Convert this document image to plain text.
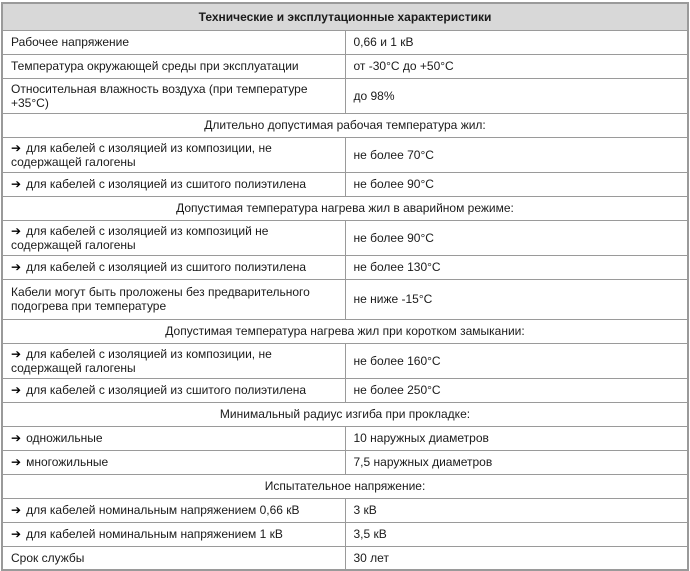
Технические и эксплутационные характеристики	
Рабочее напряжение	0,66 и 1 кВ
Температура окружающей среды при эксплуатации	от -30°С до +50°С
Относительная влажность воздуха (при температуре +35°С)	до 98%
Длительно допустимая рабочая температура жил:	
➔ для кабелей с изоляцией из композиции, не содержащей галогены	не более 70°С
➔ для кабелей с изоляцией из сшитого полиэтилена	не более 90°С
Допустимая температура нагрева жил в аварийном режиме:	
➔ для кабелей с изоляцией из композиций не содержащей галогены	не более 90°С
➔ для кабелей с изоляцией из сшитого полиэтилена	не более 130°С
Кабели могут быть проложены без предварительного подогрева при температуре	не ниже -15°С
Допустимая температура нагрева жил при коротком замыкании:	
➔ для кабелей с изоляцией из композиции, не содержащей галогены	не более 160°С
➔ для кабелей с изоляцией из сшитого полиэтилена	не более 250°С
Минимальный радиус изгиба при прокладке:	
➔ одножильные	10 наружных диаметров
➔ многожильные	7,5 наружных диаметров
Испытательное напряжение:	
➔ для кабелей номинальным напряжением 0,66 кВ	3 кВ
➔ для кабелей номинальным напряжением 1 кВ	3,5 кВ
Срок службы	30 лет
